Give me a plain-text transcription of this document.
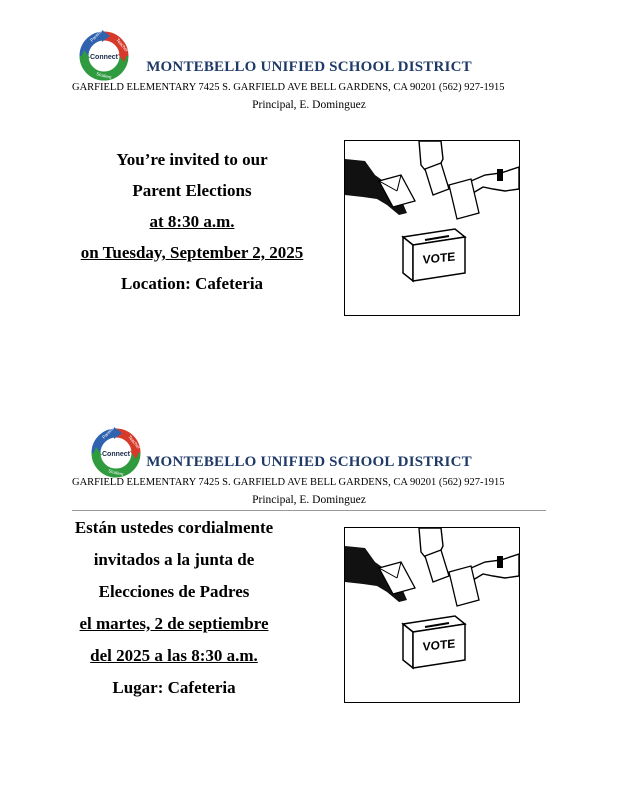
Connect
Parent
Teacher
Student
MONTEBELLO UNIFIED SCHOOL DISTRICT
GARFIELD ELEMENTARY 7425 S. GARFIELD AVE BELL GARDENS, CA 90201 (562) 927-1915
Principal, E. Dominguez
You’re invited to our
Parent Elections
at 8:30 a.m.
on Tuesday, September 2, 2025
Location: Cafeteria
VOTE
Connect
Parent
Teacher
Student
MONTEBELLO UNIFIED SCHOOL DISTRICT
GARFIELD ELEMENTARY 7425 S. GARFIELD AVE BELL GARDENS, CA 90201 (562) 927-1915
Principal, E. Dominguez
Están ustedes cordialmente
invitados a la junta de
Elecciones de Padres
el martes, 2 de septiembre
del 2025 a las 8:30 a.m.
Lugar: Cafeteria
VOTE
